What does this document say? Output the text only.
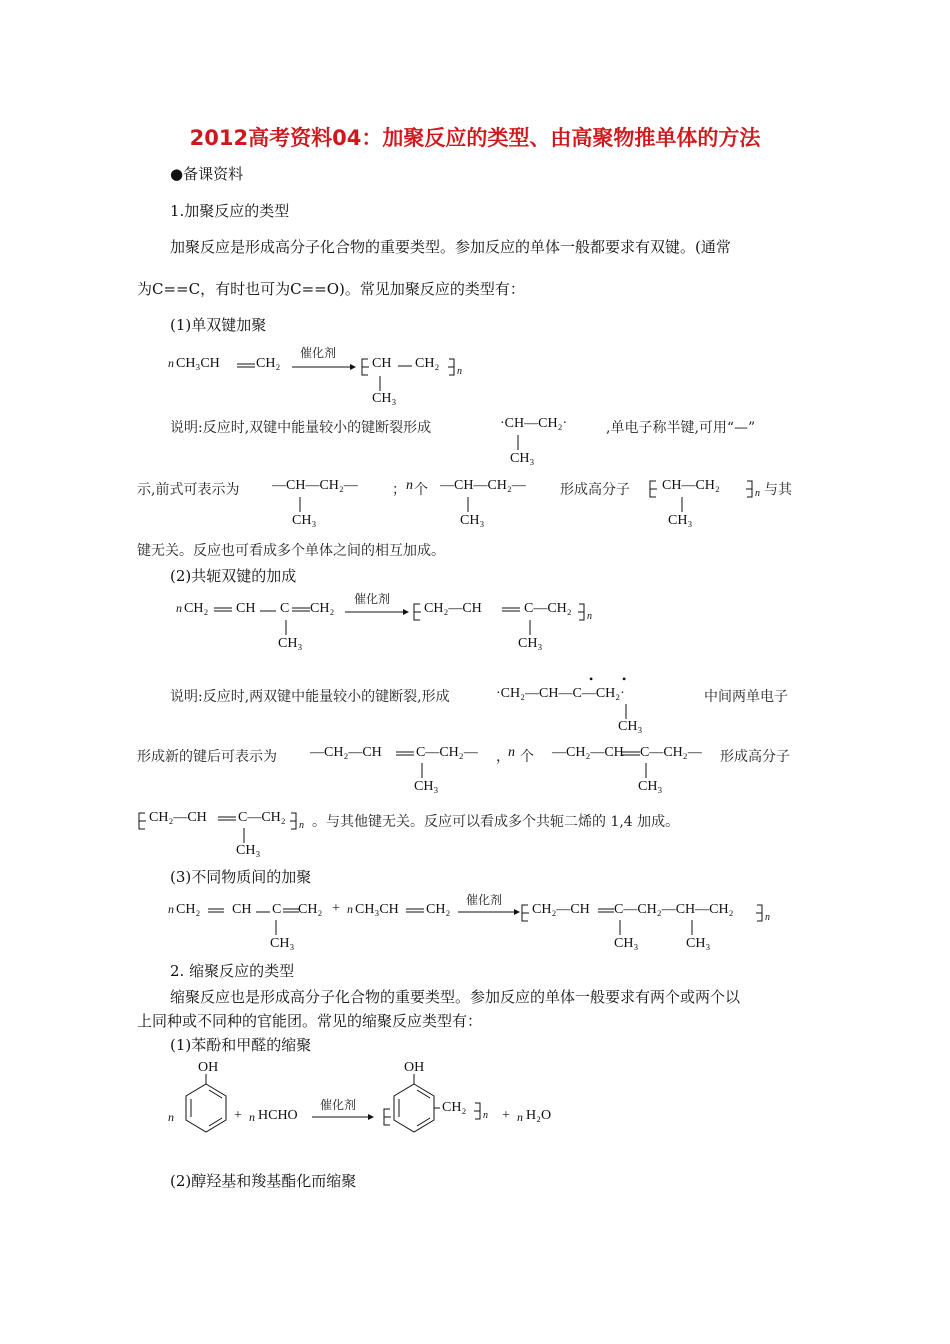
2012高考资料04：加聚反应的类型、由高聚物推单体的方法
●备课资料
1.加聚反应的类型
加聚反应是形成高分子化合物的重要类型。参加反应的单体一般都要求有双键。(通常
为C==C，有时也可为C==O)。常见加聚反应的类型有：
(1)单双键加聚
n CH₃CH	CH₂
催化剂
CH CH₂
n
CH₃
说明:反应时,双键中能量较小的键断裂形成	·CH—CH₂·
CH₃
,单电子称半键,可用“—”
示,前式可表示为 —CH—CH₂—
CH₃
； n 个 —CH—CH₂—
CH₃
形成高分子 CH—CH₂
n
CH₃
与其
键无关。反应也可看成多个单体之间的相互加成。
(2)共轭双键的加成
n CH₂ CH C CH₂
CH₃
催化剂
CH₂—CH	C—CH₂
n
CH₃
说明:反应时,两双键中能量较小的键断裂,形成	·CH₂—CH—C—CH₂·
• •
CH₃
中间两单电子
形成新的键后可表示为 —CH₂—CH C—CH₂—
CH₃
，
n 个 —CH₂—CH C—CH₂—
CH₃
形成高分子
CH₂—CH C—CH₂
n
CH₃
。与其他键无关。反应可以看成多个共轭二烯的 1,4 加成。
(3)不同物质间的加聚
n CH₂ CH C CH₂
CH₃
+ n CH₃CH CH₂
催化剂
CH₂—CH C—CH₂—CH—CH₂
n
CH₃	CH₃
2. 缩聚反应的类型
缩聚反应也是形成高分子化合物的重要类型。参加反应的单体一般要求有两个或两个以
上同种或不同种的官能团。常见的缩聚反应类型有：
(1)苯酚和甲醛的缩聚
OH
n	+ n HCHO
催化剂
OH
CH₂
n + n H₂O
(2)醇羟基和羧基酯化而缩聚
